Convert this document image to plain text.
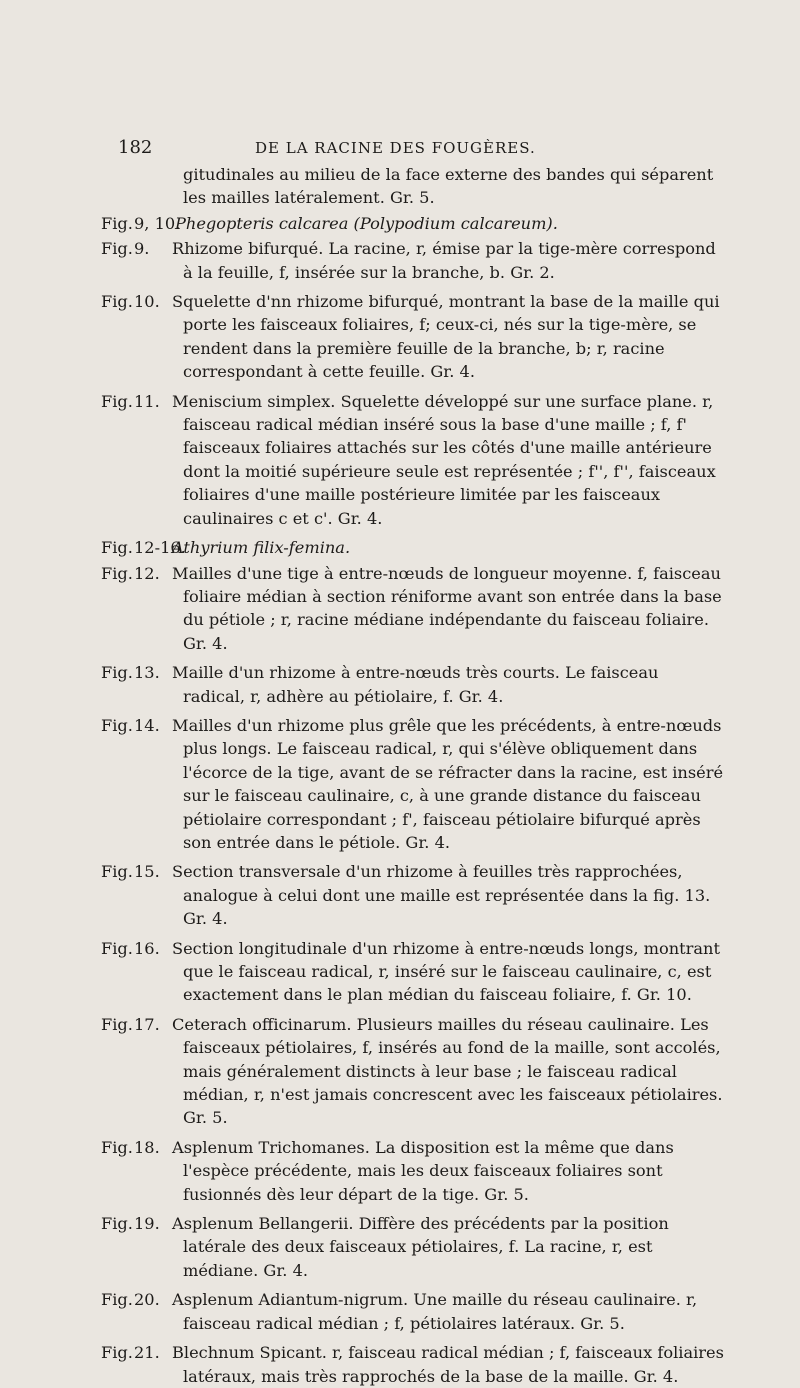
182	DE LA RACINE DES FOUGÈRES.
gitudinales au milieu de la face externe des bandes qui séparent les mailles latéralement. Gr. 5.
Fig. 9, 10.
Phegopteris calcarea (Polypodium calcareum).
Fig. 9. Rhizome bifurqué. La racine, r, émise par la tige-mère correspond à la feuille, f, insérée sur la branche, b. Gr. 2.
Fig. 10. Squelette d'nn rhizome bifurqué, montrant la base de la maille qui porte les faisceaux foliaires, f; ceux-ci, nés sur la tige-mère, se rendent dans la première feuille de la branche, b; r, racine correspondant à cette feuille. Gr. 4.
Fig. 11. Meniscium simplex. Squelette développé sur une surface plane. r, faisceau radical médian inséré sous la base d'une maille ; f, f' faisceaux foliaires attachés sur les côtés d'une maille antérieure dont la moitié supérieure seule est représentée ; f'', f'', faisceaux foliaires d'une maille postérieure limitée par les faisceaux caulinaires c et c'. Gr. 4.
Fig. 12-16.
Athyrium filix-femina.
Fig. 12. Mailles d'une tige à entre-nœuds de longueur moyenne. f, faisceau foliaire médian à section réniforme avant son entrée dans la base du pétiole ; r, racine médiane indépendante du faisceau foliaire. Gr. 4.
Fig. 13. Maille d'un rhizome à entre-nœuds très courts. Le faisceau radical, r, adhère au pétiolaire, f. Gr. 4.
Fig. 14. Mailles d'un rhizome plus grêle que les précédents, à entre-nœuds plus longs. Le faisceau radical, r, qui s'élève obliquement dans l'écorce de la tige, avant de se réfracter dans la racine, est inséré sur le faisceau caulinaire, c, à une grande distance du faisceau pétiolaire correspondant ; f', faisceau pétiolaire bifurqué après son entrée dans le pétiole. Gr. 4.
Fig. 15. Section transversale d'un rhizome à feuilles très rapprochées, analogue à celui dont une maille est représentée dans la fig. 13. Gr. 4.
Fig. 16. Section longitudinale d'un rhizome à entre-nœuds longs, montrant que le faisceau radical, r, inséré sur le faisceau caulinaire, c, est exactement dans le plan médian du faisceau foliaire, f. Gr. 10.
Fig. 17. Ceterach officinarum. Plusieurs mailles du réseau caulinaire. Les faisceaux pétiolaires, f, insérés au fond de la maille, sont accolés, mais généralement distincts à leur base ; le faisceau radical médian, r, n'est jamais concrescent avec les faisceaux pétiolaires. Gr. 5.
Fig. 18. Asplenum Trichomanes. La disposition est la même que dans l'espèce précédente, mais les deux faisceaux foliaires sont fusionnés dès leur départ de la tige. Gr. 5.
Fig. 19. Asplenum Bellangerii. Diffère des précédents par la position latérale des deux faisceaux pétiolaires, f. La racine, r, est médiane. Gr. 4.
Fig. 20. Asplenum Adiantum-nigrum. Une maille du réseau caulinaire. r, faisceau radical médian ; f, pétiolaires latéraux. Gr. 5.
Fig. 21. Blechnum Spicant. r, faisceau radical médian ; f, faisceaux foliaires latéraux, mais très rapprochés de la base de la maille. Gr. 4.
